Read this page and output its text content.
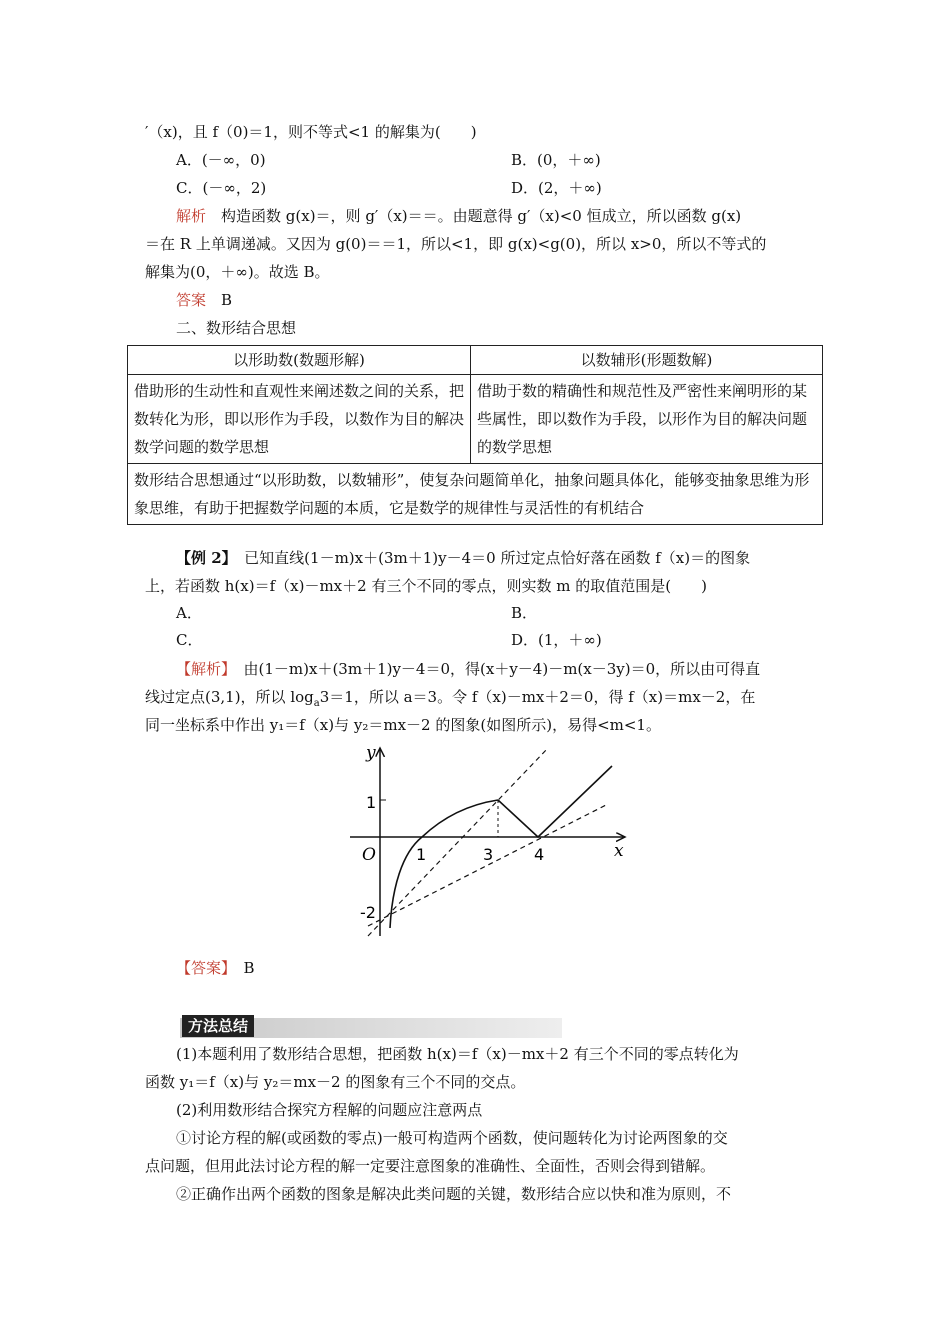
′（x)，且 f（0)＝1，则不等式<1 的解集为(　　)
A．(－∞，0)	B．(0，＋∞)
C．(－∞，2)	D．(2，＋∞)
解析　构造函数 g(x)＝，则 g′（x)＝＝。由题意得 g′（x)<0 恒成立，所以函数 g(x)
＝在 R 上单调递减。又因为 g(0)＝＝1，所以<1，即 g(x)<g(0)，所以 x>0，所以不等式的
解集为(0，＋∞)。故选 B。
答案　B
二、数形结合思想
以形助数(数题形解)	以数辅形(形题数解)
借助形的生动性和直观性来阐述数之间的关系，把数转化为形，即以形作为手段，以数作为目的解决数学问题的数学思想	借助于数的精确性和规范性及严密性来阐明形的某些属性，即以数作为手段，以形作为目的解决问题的数学思想
数形结合思想通过“以形助数，以数辅形”，使复杂问题简单化，抽象问题具体化，能够变抽象思维为形象思维，有助于把握数学问题的本质，它是数学的规律性与灵活性的有机结合	
【例 2】　已知直线(1－m)x＋(3m＋1)y－4＝0 所过定点恰好落在函数 f（x)＝的图象
上，若函数 h(x)＝f（x)－mx＋2 有三个不同的零点，则实数 m 的取值范围是(　　)
A．	B．
C．	D．(1，＋∞)
【解析】　由(1－m)x＋(3m＋1)y－4＝0，得(x＋y－4)－m(x－3y)＝0，所以由可得直
线过定点(3,1)，所以 $\log_a3=1$，所以 a＝3。令 f（x)－mx＋2＝0，得 f（x)＝mx－2，在
同一坐标系中作出 y₁＝f（x)与 y₂＝mx－2 的图象(如图所示)，易得<m<1。
y
x
O
1
-2
1	3	4
【答案】　B
方法总结
(1)本题利用了数形结合思想，把函数 h(x)＝f（x)－mx＋2 有三个不同的零点转化为
函数 y₁＝f（x)与 y₂＝mx－2 的图象有三个不同的交点。
(2)利用数形结合探究方程解的问题应注意两点
①讨论方程的解(或函数的零点)一般可构造两个函数，使问题转化为讨论两图象的交
点问题，但用此法讨论方程的解一定要注意图象的准确性、全面性，否则会得到错解。
②正确作出两个函数的图象是解决此类问题的关键，数形结合应以快和准为原则，不
